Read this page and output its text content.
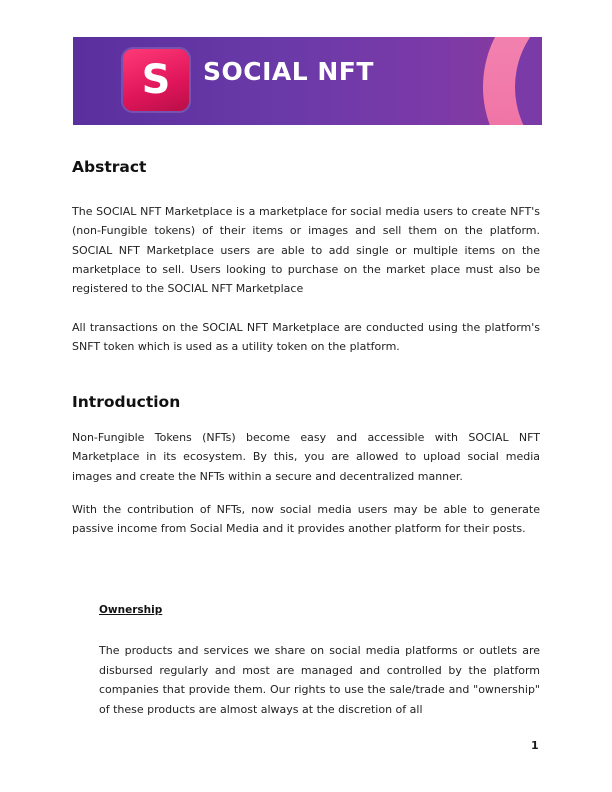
S	SOCIAL NFT
Abstract

The SOCIAL NFT Marketplace is a marketplace for social media users to create NFT's (non-Fungible tokens) of their items or images and sell them on the platform. SOCIAL NFT Marketplace users are able to add single or multiple items on the marketplace to sell. Users looking to purchase on the market place must also be registered to the SOCIAL NFT Marketplace

All transactions on the SOCIAL NFT Marketplace are conducted using the platform's SNFT token which is used as a utility token on the platform.

Introduction

Non-Fungible Tokens (NFTs) become easy and accessible with SOCIAL NFT Marketplace in its ecosystem. By this, you are allowed to upload social media images and create the NFTs within a secure and decentralized manner.

With the contribution of NFTs, now social media users may be able to generate passive income from Social Media and it provides another platform for their posts.

Ownership

The products and services we share on social media platforms or outlets are disbursed regularly and most are managed and controlled by the platform companies that provide them. Our rights to use the sale/trade and "ownership" of these products are almost always at the discretion of all

1
